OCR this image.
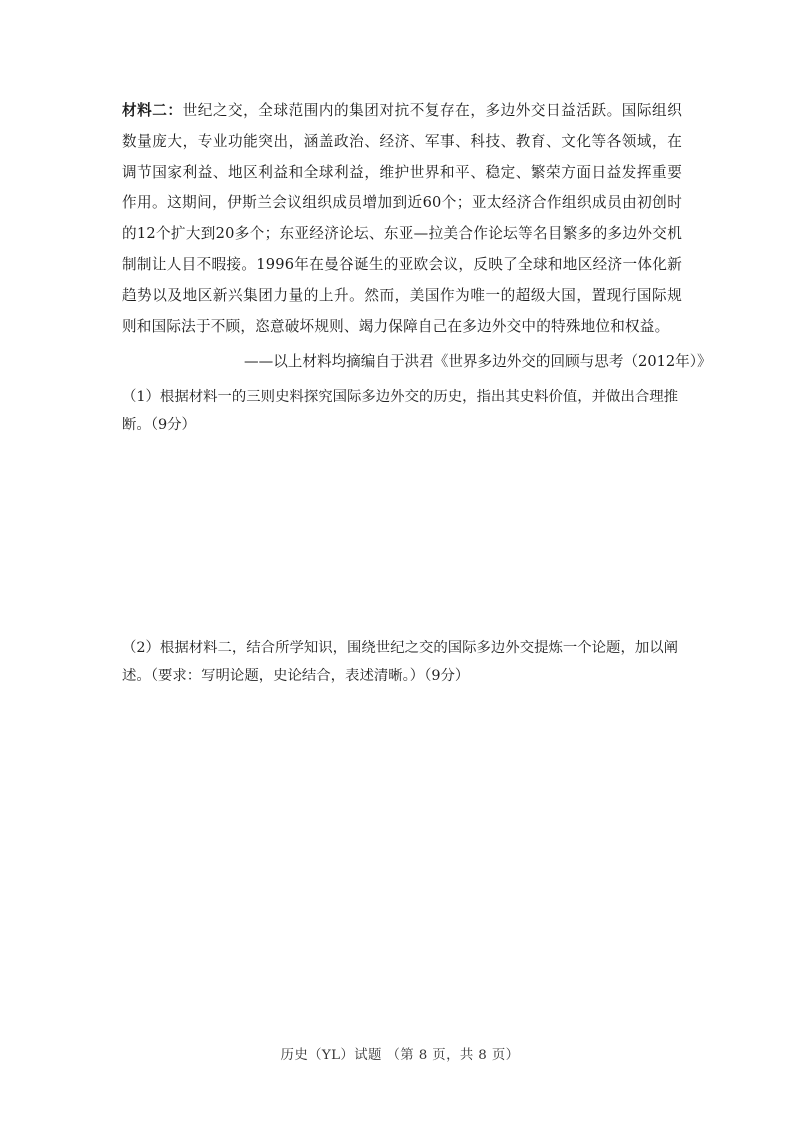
材料二：世纪之交，全球范围内的集团对抗不复存在，多边外交日益活跃。国际组织数量庞大，专业功能突出，涵盖政治、经济、军事、科技、教育、文化等各领域，在调节国家利益、地区利益和全球利益，维护世界和平、稳定、繁荣方面日益发挥重要作用。这期间，伊斯兰会议组织成员增加到近60个；亚太经济合作组织成员由初创时的12个扩大到20多个；东亚经济论坛、东亚—拉美合作论坛等名目繁多的多边外交机制制让人目不暇接。1996年在曼谷诞生的亚欧会议，反映了全球和地区经济一体化新趋势以及地区新兴集团力量的上升。然而，美国作为唯一的超级大国，置现行国际规则和国际法于不顾，恣意破坏规则、竭力保障自己在多边外交中的特殊地位和权益。
——以上材料均摘编自于洪君《世界多边外交的回顾与思考（2012年）》
（1）根据材料一的三则史料探究国际多边外交的历史，指出其史料价值，并做出合理推断。（9分）
（2）根据材料二，结合所学知识，围绕世纪之交的国际多边外交提炼一个论题，加以阐述。（要求：写明论题，史论结合，表述清晰。）（9分）
历史（YL）试题 （第 8 页，共 8 页）
